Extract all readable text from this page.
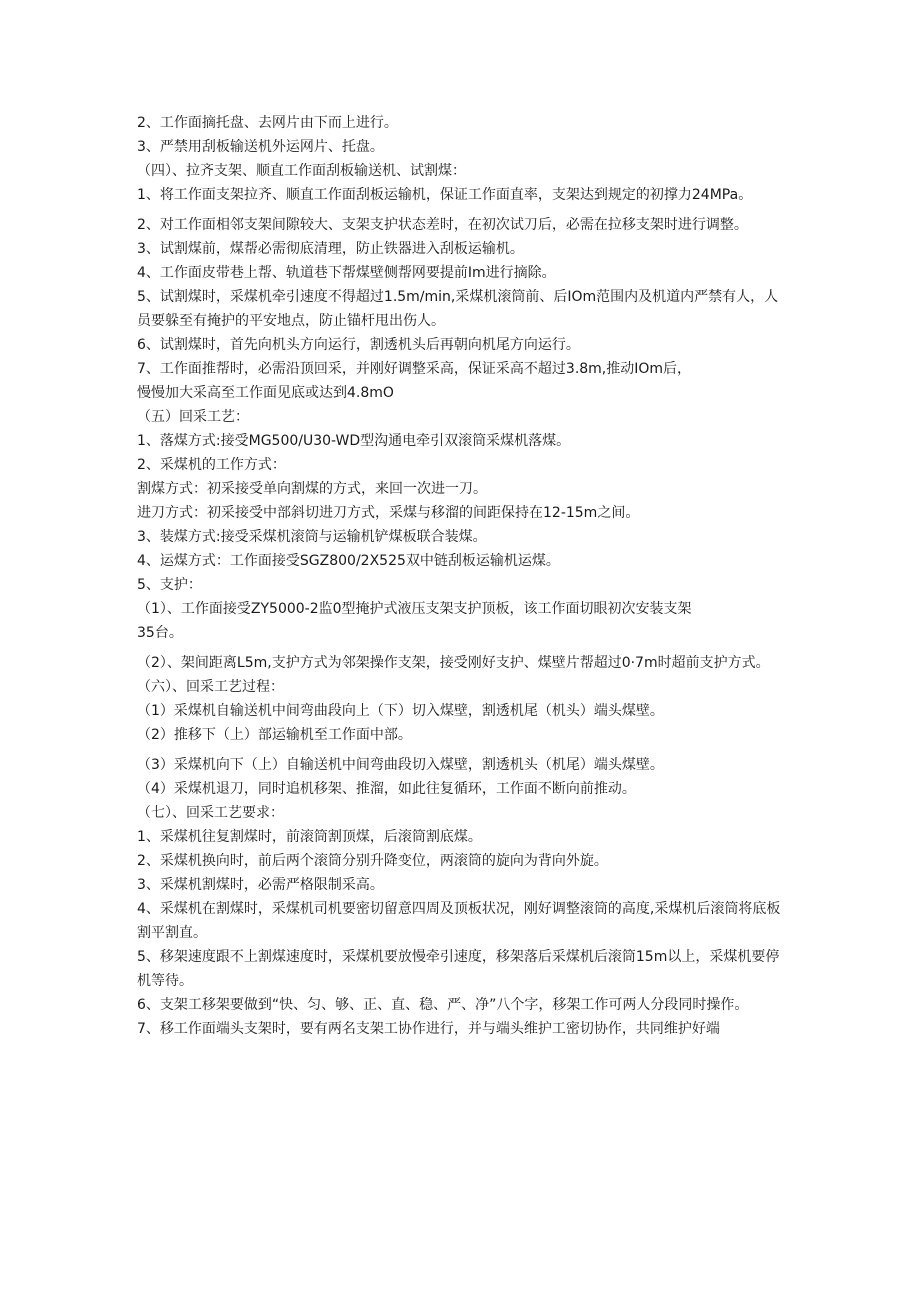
2、工作面摘托盘、去网片由下而上进行。

3、严禁用刮板输送机外运网片、托盘。

（四）、拉齐支架、顺直工作面刮板输送机、试割煤：

1、将工作面支架拉齐、顺直工作面刮板运输机，保证工作面直率，支架达到规定的初撑力24MPa。

2、对工作面相邻支架间隙较大、支架支护状态差时，在初次试刀后，必需在拉移支架时进行调整。

3、试割煤前，煤帮必需彻底清理，防止铁器进入刮板运输机。

4、工作面皮带巷上帮、轨道巷下帮煤壁侧帮网要提前Im进行摘除。

5、试割煤时，采煤机牵引速度不得超过1.5m∕min,采煤机滚筒前、后IOm范围内及机道内严禁有人，人员要躲至有掩护的平安地点，防止锚杆甩出伤人。

6、试割煤时，首先向机头方向运行，割透机头后再朝向机尾方向运行。

7、工作面推帮时，必需沿顶回采，并刚好调整采高，保证采高不超过3.8m,推动IOm后，

慢慢加大采高至工作面见底或达到4.8mO

（五）回采工艺：

1、落煤方式:接受MG500/U30-WD型沟通电牵引双滚筒采煤机落煤。

2、采煤机的工作方式：

割煤方式：初采接受单向割煤的方式，来回一次进一刀。

进刀方式：初采接受中部斜切进刀方式，采煤与移溜的间距保持在12-15m之间。

3、装煤方式:接受采煤机滚筒与运输机铲煤板联合装煤。

4、运煤方式：工作面接受SGZ800/2X525双中链刮板运输机运煤。

5、支护：

（1）、工作面接受ZY5000-2监0型掩护式液压支架支护顶板，该工作面切眼初次安装支架

35台。

（2）、架间距离L5m,支护方式为邻架操作支架，接受刚好支护、煤壁片帮超过0·7m时超前支护方式。

（六）、回采工艺过程：

（1）采煤机自输送机中间弯曲段向上（下）切入煤壁，割透机尾（机头）端头煤壁。

（2）推移下（上）部运输机至工作面中部。

（3）采煤机向下（上）自输送机中间弯曲段切入煤壁，割透机头（机尾）端头煤壁。

（4）采煤机退刀，同时追机移架、推溜，如此往复循环，工作面不断向前推动。

（七）、回采工艺要求：

1、采煤机往复割煤时，前滚筒割顶煤，后滚筒割底煤。

2、采煤机换向时，前后两个滚筒分别升降变位，两滚筒的旋向为背向外旋。

3、采煤机割煤时，必需严格限制采高。

4、采煤机在割煤时，采煤机司机要密切留意四周及顶板状况，刚好调整滚筒的高度,采煤机后滚筒将底板割平割直。

5、移架速度跟不上割煤速度时，采煤机要放慢牵引速度，移架落后采煤机后滚筒15m以上，采煤机要停机等待。

6、支架工移架要做到“快、匀、够、正、直、稳、严、净”八个字，移架工作可两人分段同时操作。

7、移工作面端头支架时，要有两名支架工协作进行，并与端头维护工密切协作，共同维护好端
